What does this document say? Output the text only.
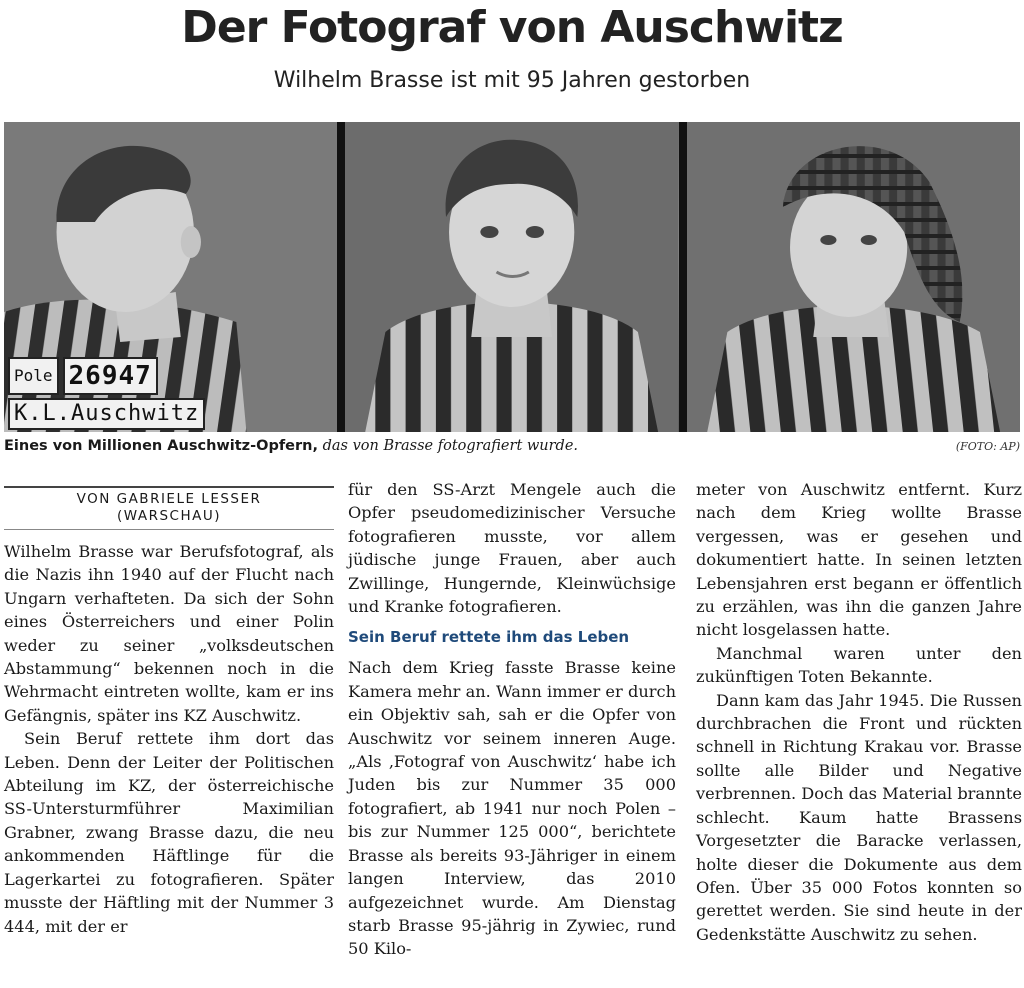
Der Fotograf von Auschwitz
Wilhelm Brasse ist mit 95 Jahren gestorben
Pole 26947
K.L.Auschwitz
Eines von Millionen Auschwitz-Opfern, das von Brasse fotografiert wurde.	(FOTO: AP)
VON GABRIELE LESSER
(WARSCHAU)

Wilhelm Brasse war Berufsfotograf, als die Nazis ihn 1940 auf der Flucht nach Ungarn verhafteten. Da sich der Sohn eines Österreichers und einer Polin weder zu seiner „volksdeutschen Abstammung“ bekennen noch in die Wehrmacht eintreten wollte, kam er ins Gefängnis, später ins KZ Auschwitz.

Sein Beruf rettete ihm dort das Leben. Denn der Leiter der Politischen Abteilung im KZ, der österreichische SS-Untersturmführer Maximilian Grabner, zwang Brasse dazu, die neu ankommenden Häftlinge für die Lagerkartei zu fotografieren. Später musste der Häftling mit der Nummer 3 444, mit der er

für den SS-Arzt Mengele auch die Opfer pseudomedizinischer Versuche fotografieren musste, vor allem jüdische junge Frauen, aber auch Zwillinge, Hungernde, Kleinwüchsige und Kranke fotografieren.

Sein Beruf rettete ihm das Leben

Nach dem Krieg fasste Brasse keine Kamera mehr an. Wann immer er durch ein Objektiv sah, sah er die Opfer von Auschwitz vor seinem inneren Auge. „Als ‚Fotograf von Auschwitz‘ habe ich Juden bis zur Nummer 35 000 fotografiert, ab 1941 nur noch Polen – bis zur Nummer 125 000“, berichtete Brasse als bereits 93-Jähriger in einem langen Interview, das 2010 aufgezeichnet wurde. Am Dienstag starb Brasse 95-jährig in Zywiec, rund 50 Kilo-

meter von Auschwitz entfernt. Kurz nach dem Krieg wollte Brasse vergessen, was er gesehen und dokumentiert hatte. In seinen letzten Lebensjahren erst begann er öffentlich zu erzählen, was ihn die ganzen Jahre nicht losgelassen hatte.

Manchmal waren unter den zukünftigen Toten Bekannte.

Dann kam das Jahr 1945. Die Russen durchbrachen die Front und rückten schnell in Richtung Krakau vor. Brasse sollte alle Bilder und Negative verbrennen. Doch das Material brannte schlecht. Kaum hatte Brassens Vorgesetzter die Baracke verlassen, holte dieser die Dokumente aus dem Ofen. Über 35 000 Fotos konnten so gerettet werden. Sie sind heute in der Gedenkstätte Auschwitz zu sehen.
